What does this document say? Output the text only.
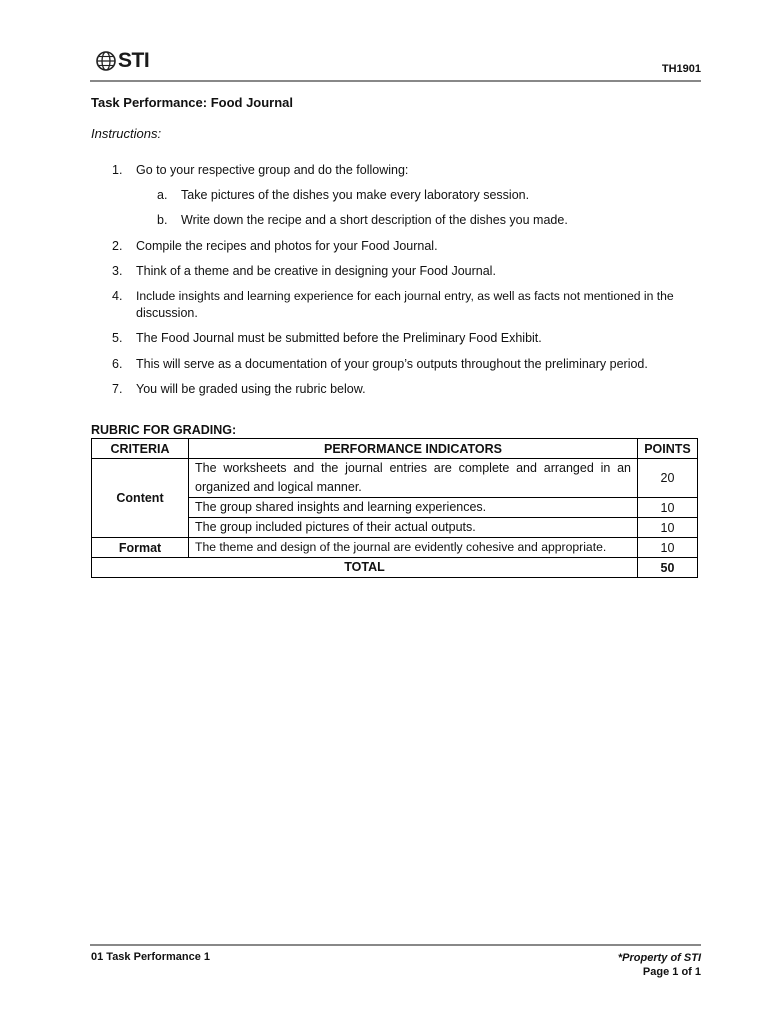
STI	TH1901
Task Performance: Food Journal
Instructions:
1. Go to your respective group and do the following:
a. Take pictures of the dishes you make every laboratory session.
b. Write down the recipe and a short description of the dishes you made.
2. Compile the recipes and photos for your Food Journal.
3. Think of a theme and be creative in designing your Food Journal.
4. Include insights and learning experience for each journal entry, as well as facts not mentioned in the
discussion.
5. The Food Journal must be submitted before the Preliminary Food Exhibit.
6. This will serve as a documentation of your group’s outputs throughout the preliminary period.
7. You will be graded using the rubric below.
RUBRIC FOR GRADING:
CRITERIA	PERFORMANCE INDICATORS	POINTS
Content	The worksheets and the journal entries are complete and arranged in an organized and logical manner.	20
	The group shared insights and learning experiences.	10
	The group included pictures of their actual outputs.	10
Format	The theme and design of the journal are evidently cohesive and appropriate.	10
TOTAL		50
01 Task Performance 1	*Property of STI
Page 1 of 1
